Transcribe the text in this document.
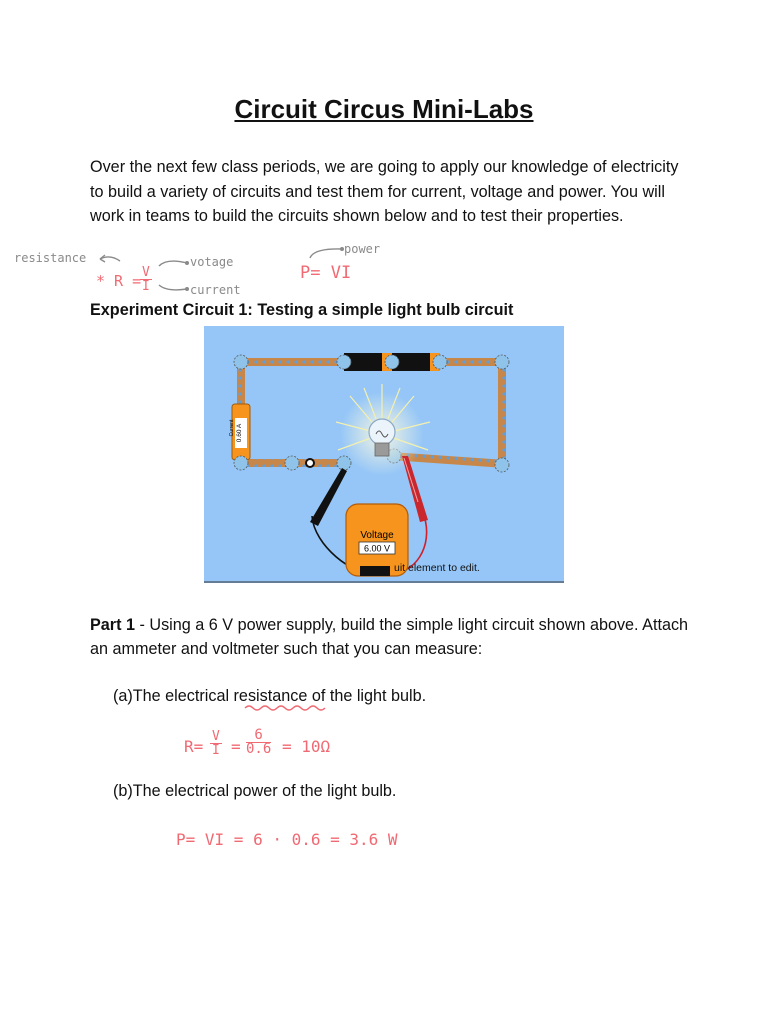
Circuit Circus Mini-Labs
Over the next few class periods, we are going to apply our knowledge of electricity to build a variety of circuits and test them for current, voltage and power. You will work in teams to build the circuits shown below and to test their properties.
resistance
* R =
$\frac{V}{I}$
votage
current
power
P= VI
Experiment Circuit 1: Testing a simple light bulb circuit
0.60 A
Current
Voltage
6.00 V
uit element to edit.
Part 1 - Using a 6 V power supply, build the simple light circuit shown above. Attach an ammeter and voltmeter such that you can measure:
(a)The electrical resistance of the light bulb.
$R= \frac{V}{I} = \frac{6}{0.6} = 10\Omega$
(b)The electrical power of the light bulb.
P= VI = 6 · 0.6 = 3.6 W
